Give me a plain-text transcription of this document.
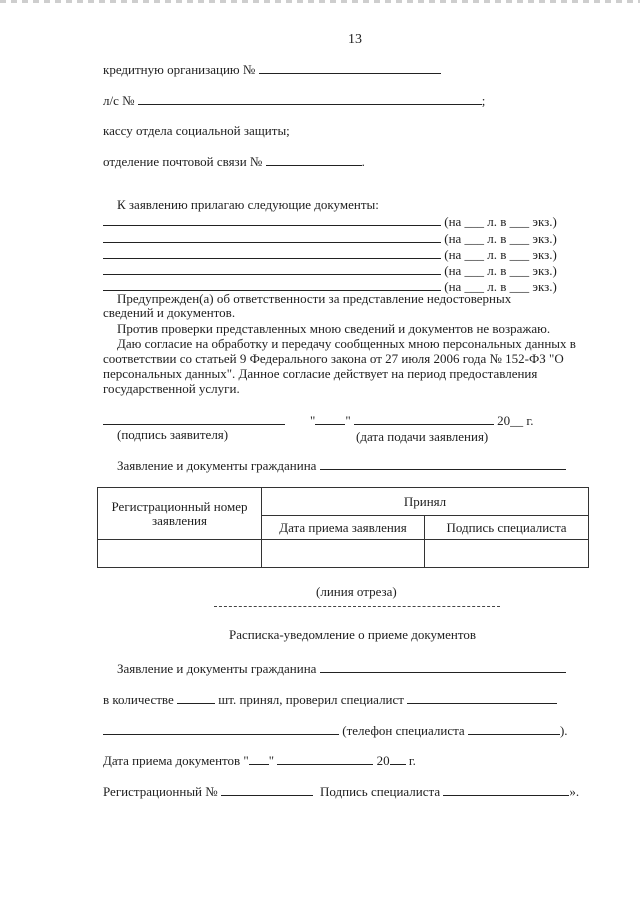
13
кредитную организацию №
л/с №	;
кассу отдела социальной защиты;
отделение почтовой связи №	.
К заявлению прилагаю следующие документы:
(на ___ л. в ___ экз.)
(на ___ л. в ___ экз.)
(на ___ л. в ___ экз.)
(на ___ л. в ___ экз.)
(на ___ л. в ___ экз.)
Предупрежден(а) об ответственности за представление недостоверных
сведений и документов.
Против проверки представленных мною сведений и документов не возражаю.
Даю согласие на обработку и передачу сообщенных мною персональных данных в
соответствии со статьей 9 Федерального закона от 27 июля 2006 года № 152-ФЗ "О
персональных данных". Данное согласие действует на период предоставления
государственной услуги.
" "	20__ г.
(подпись заявителя)	(дата подачи заявления)
Заявление и документы гражданина
Регистрационный номер заявления	Принял	
	Дата приема заявления	Подпись специалиста

(линия отреза)
Расписка-уведомление о приеме документов
Заявление и документы гражданина
в количестве	шт. принял, проверил специалист
(телефон специалиста	).
Дата приема документов " "	20 г.
Регистрационный №	Подпись специалиста	».
